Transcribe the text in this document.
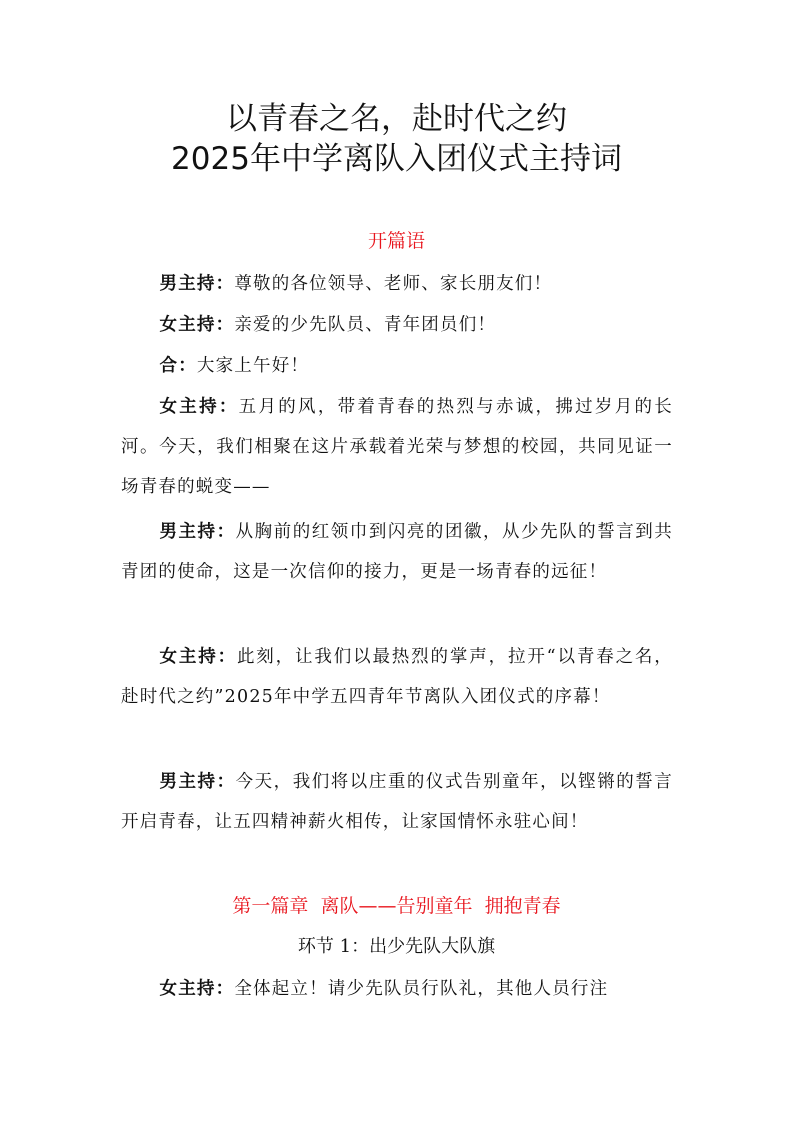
以青春之名，赴时代之约
2025年中学离队入团仪式主持词
开篇语
男主持：尊敬的各位领导、老师、家长朋友们！
女主持：亲爱的少先队员、青年团员们！
合：大家上午好！
女主持：五月的风，带着青春的热烈与赤诚，拂过岁月的长河。今天，我们相聚在这片承载着光荣与梦想的校园，共同见证一场青春的蜕变——
男主持：从胸前的红领巾到闪亮的团徽，从少先队的誓言到共青团的使命，这是一次信仰的接力，更是一场青春的远征！
女主持：此刻，让我们以最热烈的掌声，拉开“以青春之名，赴时代之约”2025年中学五四青年节离队入团仪式的序幕！
男主持：今天，我们将以庄重的仪式告别童年，以铿锵的誓言开启青春，让五四精神薪火相传，让家国情怀永驻心间！
第一篇章  离队——告别童年  拥抱青春
环节 1：出少先队大队旗
女主持：全体起立！请少先队员行队礼，其他人员行注
